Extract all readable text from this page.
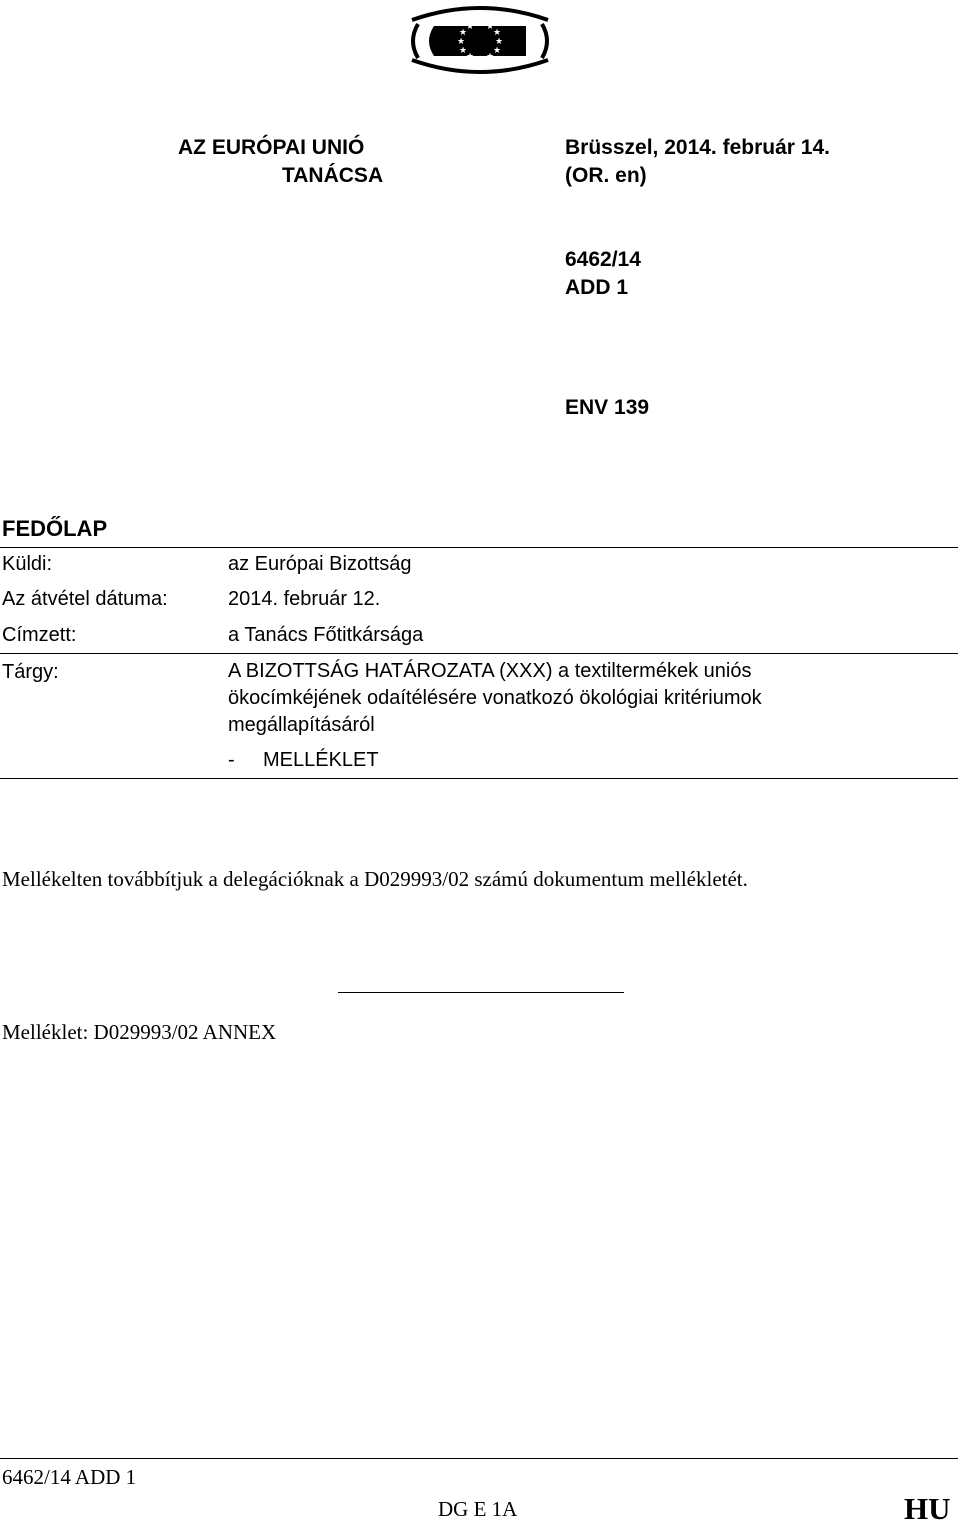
★ ★
★
★
★
★
★
★
★
★
★
★
AZ EURÓPAI UNIÓ
TANÁCSA
Brüsszel, 2014. február 14.
(OR. en)
6462/14
ADD 1
ENV 139
FEDŐLAP
Küldi:	az Európai Bizottság
Az átvétel dátuma:	2014. február 12.
Címzett:	a Tanács Főtitkársága
Tárgy:	A BIZOTTSÁG HATÁROZATA (XXX) a textiltermékek uniós
ökocímkéjének odaítélésére vonatkozó ökológiai kritériumok
megállapításáról
- MELLÉKLET
Mellékelten továbbítjuk a delegációknak a D029993/02 számú dokumentum mellékletét.
Melléklet: D029993/02 ANNEX
6462/14 ADD 1
DG E 1A	HU
